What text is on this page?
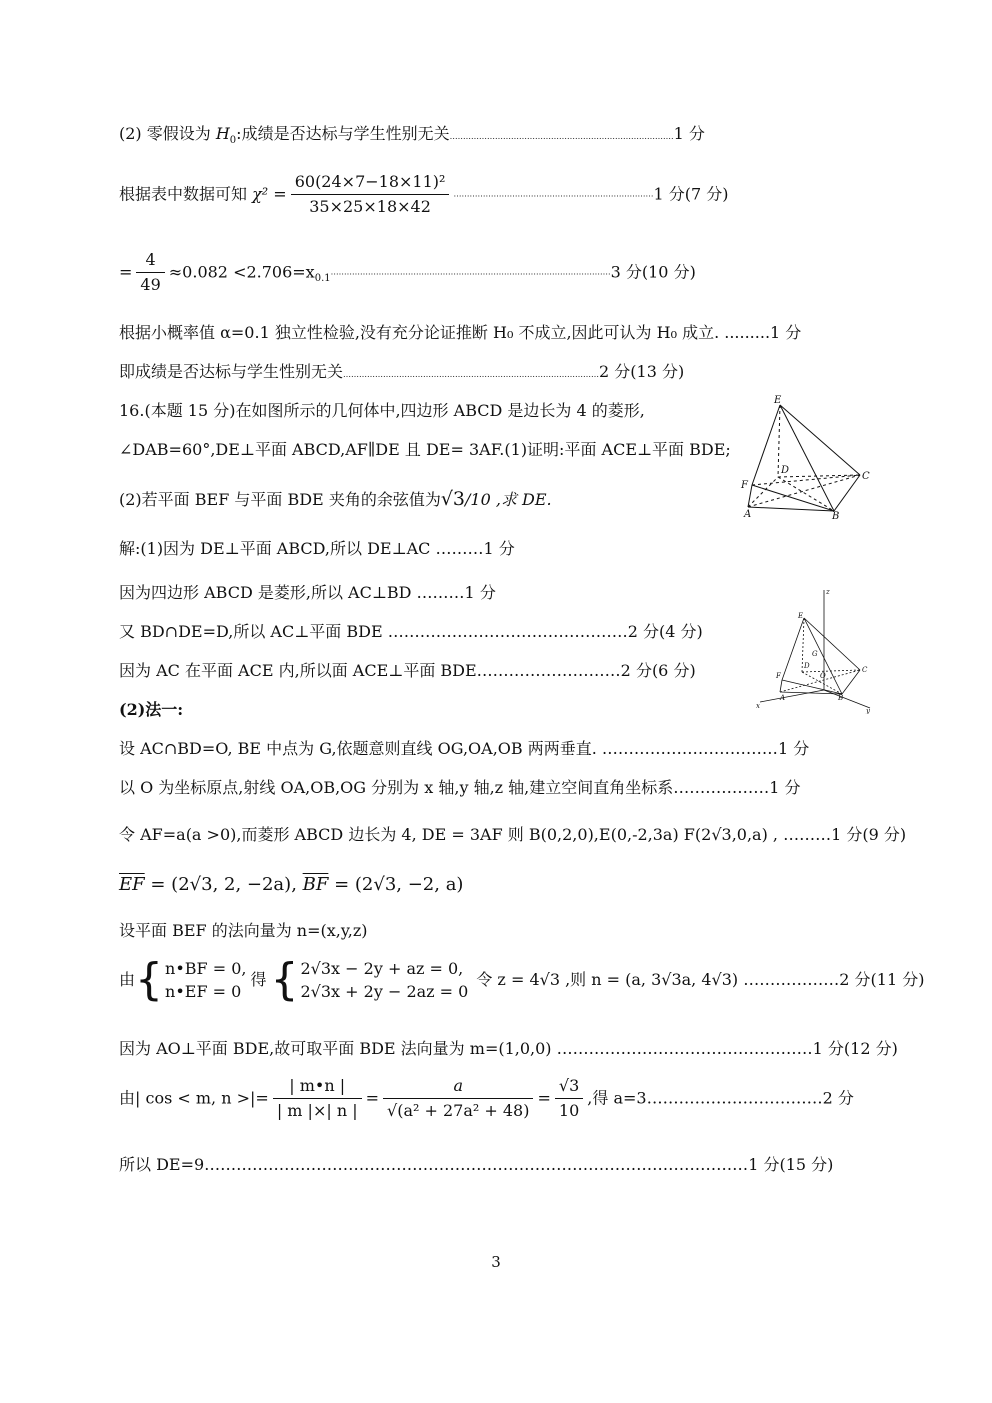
(2) 零假设为 $H_0$:成绩是否达标与学生性别无关…………………………………………………………………………1 分
根据表中数据可知 $\chi^2 = \frac{\text{60(24×7−18×11)²}}{35\times 25\times 18\times 42}$ …………………………………………………………………1 分(7 分)
= $\frac{4}{49} \approx 0.082$ $<2.706=x_{0.1}\dots\dots\dots\dots\dots\dots\dots\dots\dots\dots\dots\dots\dots\dots\dots\dots\dots\dots\dots\dots\dots\dots\dots\dots\dots\dots\dots\dots\dots\dots\dots\dots\dots\dots\dots 3$ 分(10 分)
根据小概率值 α=0.1 独立性检验,没有充分论证推断 H₀ 不成立,因此可认为 H₀ 成立. .........1 分
即成绩是否达标与学生性别无关……………………………………………………………………………………2 分(13 分)
16.(本题 15 分)在如图所示的几何体中,四边形 ABCD 是边长为 4 的菱形,
∠DAB=60°,DE⊥平面 ABCD,AF∥DE 且 DE= 3AF.(1)证明:平面 ACE⊥平面 BDE;
(2)若平面 BEF 与平面 BDE 夹角的余弦值为√3/10 ,求 DE.
E
D
C
F
A	B
解:(1)因为 DE⊥平面 ABCD,所以 DE⊥AC ………1 分
因为四边形 ABCD 是菱形,所以 AC⊥BD ………1 分
又 BD∩DE=D,所以 AC⊥平面 BDE ………………………………………2 分(4 分)
因为 AC 在平面 ACE 内,所以面 ACE⊥平面 BDE………………………2 分(6 分)
z
E
G
D	C
O
F
A	B
x
y
(2)法一:
设 AC∩BD=O, BE 中点为 G,依题意则直线 OG,OA,OB 两两垂直. ……………………………1 分
以 O 为坐标原点,射线 OA,OB,OG 分别为 x 轴,y 轴,z 轴,建立空间直角坐标系………………1 分
令 AF=a(a >0),而菱形 ABCD 边长为 4, DE = 3AF 则 B(0,2,0),E(0,-2,3a) F(2√3,0,a) , ………1 分(9 分)
$\overline{EF} = (2√3$, 2, −2a), $\overline{BF} = (2√3$, −2, a)
设平面 BEF 的法向量为 n=(x,y,z)
由{ n•BF = 0,
n•EF = 0
得{ 2√3x − 2y + az = 0,
2√3x + 2y − 2az = 0
令 z = 4√3 ,则 n = (a, 3√3a, 4√3) ………………2 分(11 分)
因为 AO⊥平面 BDE,故可取平面 BDE 法向量为 m=(1,0,0) …………………………………………1 分(12 分)
由| cos < m, n >|= $\frac{| m•n |}{| m |\times| n |} = \frac{a}{\text{√(a² + 27a² + 48)}} = \frac{√3}{10}$ ,得 a=3……………………………2 分
所以 DE=9…………………………………………………………………………………………1 分(15 分)
3
